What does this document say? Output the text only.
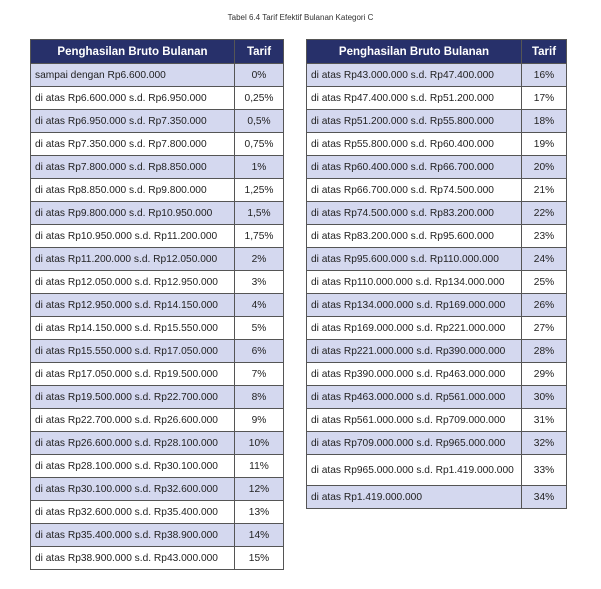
Tabel 6.4 Tarif Efektif Bulanan Kategori C
Penghasilan Bruto Bulanan	Tarif
sampai dengan Rp6.600.000	0%
di atas Rp6.600.000 s.d. Rp6.950.000	0,25%
di atas Rp6.950.000 s.d. Rp7.350.000	0,5%
di atas Rp7.350.000 s.d. Rp7.800.000	0,75%
di atas Rp7.800.000 s.d. Rp8.850.000	1%
di atas Rp8.850.000 s.d. Rp9.800.000	1,25%
di atas Rp9.800.000 s.d. Rp10.950.000	1,5%
di atas Rp10.950.000 s.d. Rp11.200.000	1,75%
di atas Rp11.200.000 s.d. Rp12.050.000	2%
di atas Rp12.050.000 s.d. Rp12.950.000	3%
di atas Rp12.950.000 s.d. Rp14.150.000	4%
di atas Rp14.150.000 s.d. Rp15.550.000	5%
di atas Rp15.550.000 s.d. Rp17.050.000	6%
di atas Rp17.050.000 s.d. Rp19.500.000	7%
di atas Rp19.500.000 s.d. Rp22.700.000	8%
di atas Rp22.700.000 s.d. Rp26.600.000	9%
di atas Rp26.600.000 s.d. Rp28.100.000	10%
di atas Rp28.100.000 s.d. Rp30.100.000	11%
di atas Rp30.100.000 s.d. Rp32.600.000	12%
di atas Rp32.600.000 s.d. Rp35.400.000	13%
di atas Rp35.400.000 s.d. Rp38.900.000	14%
di atas Rp38.900.000 s.d. Rp43.000.000	15%
Penghasilan Bruto Bulanan	Tarif
di atas Rp43.000.000 s.d. Rp47.400.000	16%
di atas Rp47.400.000 s.d. Rp51.200.000	17%
di atas Rp51.200.000 s.d. Rp55.800.000	18%
di atas Rp55.800.000 s.d. Rp60.400.000	19%
di atas Rp60.400.000 s.d. Rp66.700.000	20%
di atas Rp66.700.000 s.d. Rp74.500.000	21%
di atas Rp74.500.000 s.d. Rp83.200.000	22%
di atas Rp83.200.000 s.d. Rp95.600.000	23%
di atas Rp95.600.000 s.d. Rp110.000.000	24%
di atas Rp110.000.000 s.d. Rp134.000.000	25%
di atas Rp134.000.000 s.d. Rp169.000.000	26%
di atas Rp169.000.000 s.d. Rp221.000.000	27%
di atas Rp221.000.000 s.d. Rp390.000.000	28%
di atas Rp390.000.000 s.d. Rp463.000.000	29%
di atas Rp463.000.000 s.d. Rp561.000.000	30%
di atas Rp561.000.000 s.d. Rp709.000.000	31%
di atas Rp709.000.000 s.d. Rp965.000.000	32%
di atas Rp965.000.000 s.d. Rp1.419.000.000	33%
di atas Rp1.419.000.000	34%
